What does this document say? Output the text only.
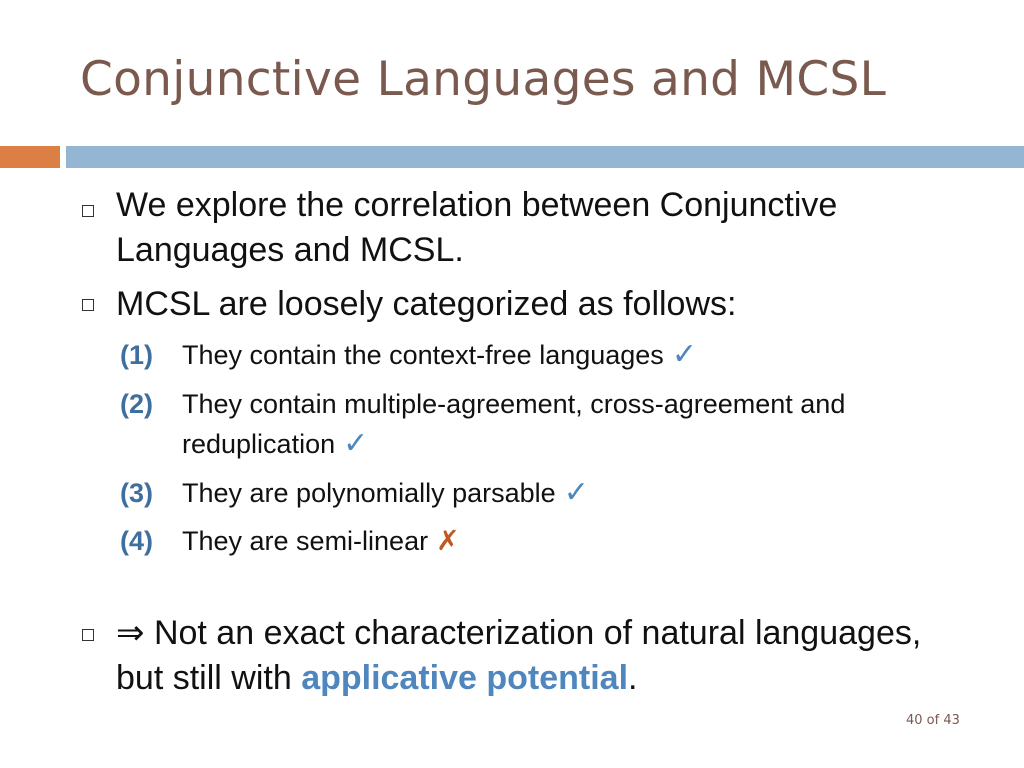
Conjunctive Languages and MCSL
We explore the correlation between Conjunctive Languages and MCSL.
MCSL are loosely categorized as follows:
(1) They contain the context-free languages ✓
(2) They contain multiple-agreement, cross-agreement and reduplication ✓
(3) They are polynomially parsable ✓
(4) They are semi-linear ✗
⇒ Not an exact characterization of natural languages, but still with applicative potential.
40 of 43
